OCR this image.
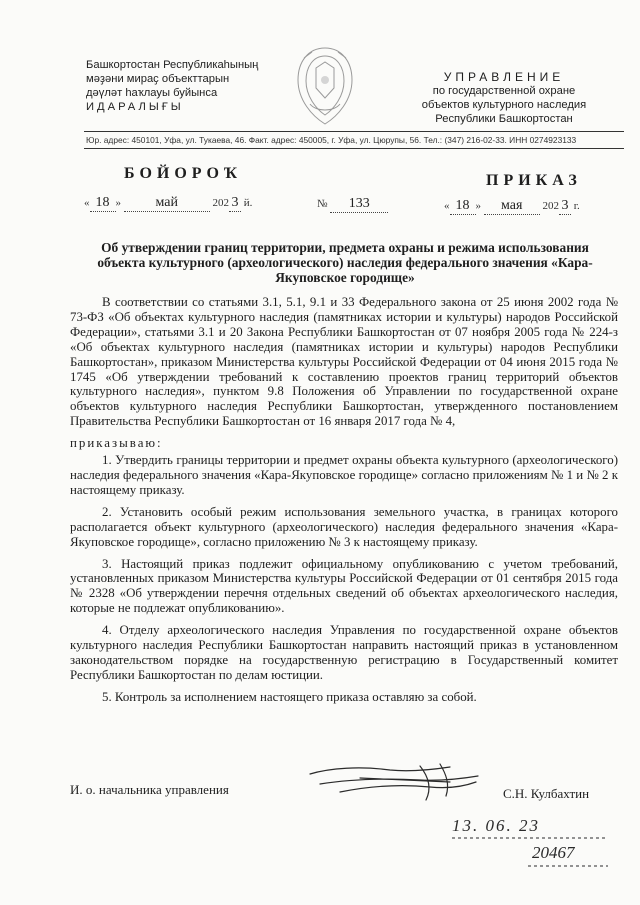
Башкортостан Республикаһының
мәҙәни мираҫ объекттарын
дәүләт һаҡлауы буйынса
ИДАРАЛЫҒЫ
УПРАВЛЕНИЕ
по государственной охране
объектов культурного наследия
Республики Башкортостан
Юр. адрес: 450101, Уфа, ул. Тукаева, 46. Факт. адрес: 450005, г. Уфа, ул. Цюрупы, 56. Тел.: (347) 216-02-33. ИНН 0274923133
БОЙОРОҠ	ПРИКАЗ
« 18 » май	202 3 й.	№ 133	« 18 » мая 202 3 г.
Об утверждении границ территории, предмета охраны и режима использования объекта культурного (археологического) наследия федерального значения «Кара-Якуповское городище»

В соответствии со статьями 3.1, 5.1, 9.1 и 33 Федерального закона от 25 июня 2002 года № 73-ФЗ «Об объектах культурного наследия (памятниках истории и культуры) народов Российской Федерации», статьями 3.1 и 20 Закона Республики Башкортостан от 07 ноября 2005 года № 224-з «Об объектах культурного наследия (памятниках истории и культуры) народов Республики Башкортостан», приказом Министерства культуры Российской Федерации от 04 июня 2015 года № 1745 «Об утверждении требований к составлению проектов границ территорий объектов культурного наследия», пунктом 9.8 Положения об Управлении по государственной охране объектов культурного наследия Республики Башкортостан, утвержденного постановлением Правительства Республики Башкортостан от 16 января 2017 года № 4,

приказываю:

1. Утвердить границы территории и предмет охраны объекта культурного (археологического) наследия федерального значения «Кара-Якуповское городище» согласно приложениям № 1 и № 2 к настоящему приказу.

2. Установить особый режим использования земельного участка, в границах которого располагается объект культурного (археологического) наследия федерального значения «Кара-Якуповское городище», согласно приложению № 3 к настоящему приказу.

3. Настоящий приказ подлежит официальному опубликованию с учетом требований, установленных приказом Министерства культуры Российской Федерации от 01 сентября 2015 года № 2328 «Об утверждении перечня отдельных сведений об объектах археологического наследия, которые не подлежат опубликованию».

4. Отделу археологического наследия Управления по государственной охране объектов культурного наследия Республики Башкортостан направить настоящий приказ в установленном законодательством порядке на государственную регистрацию в Государственный комитет Республики Башкортостан по делам юстиции.

5. Контроль за исполнением настоящего приказа оставляю за собой.

И. о. начальника управления	С.Н. Кулбахтин
13. 06. 23
20467
